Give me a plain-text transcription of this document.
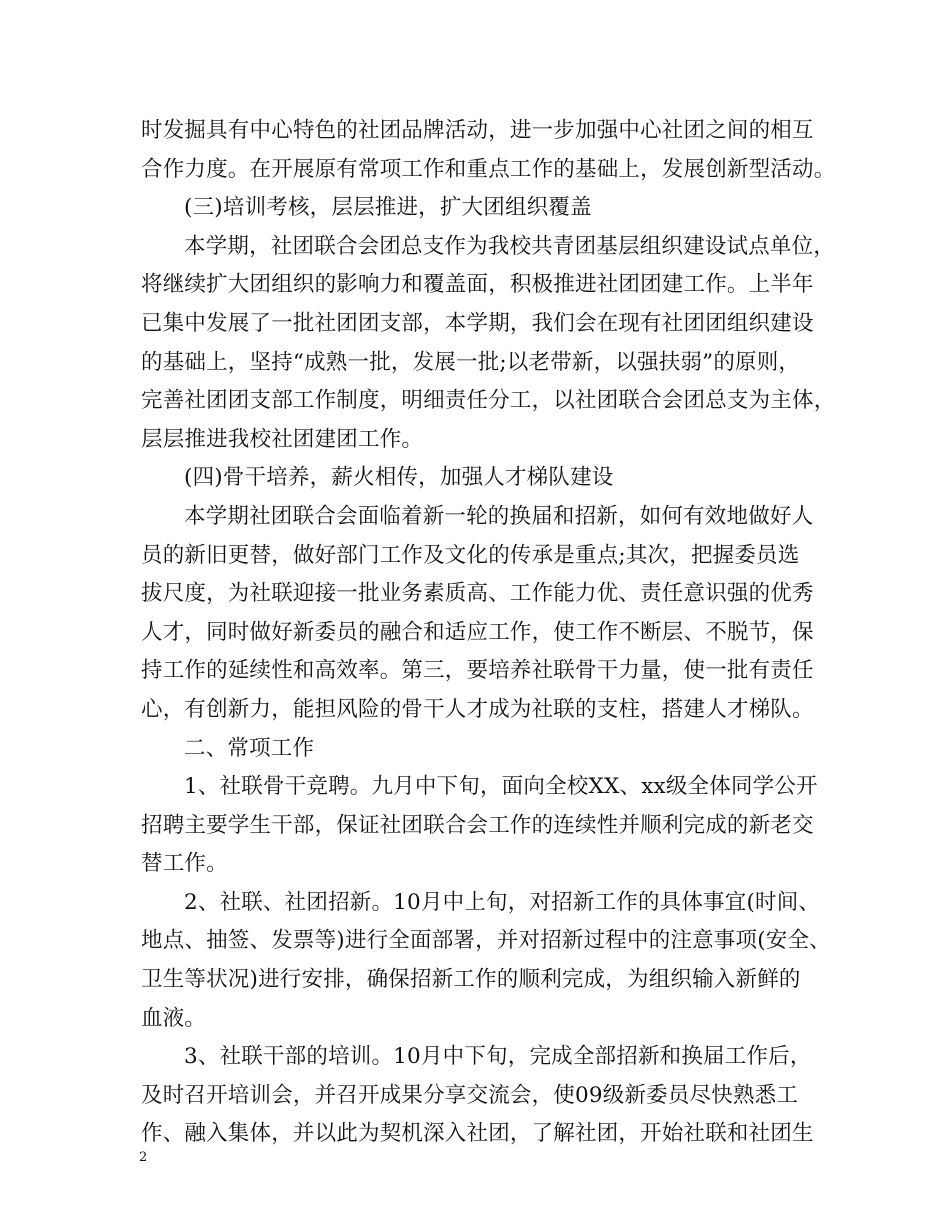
时发掘具有中心特色的社团品牌活动，进一步加强中心社团之间的相互
合作力度。在开展原有常项工作和重点工作的基础上，发展创新型活动。
(三)培训考核，层层推进，扩大团组织覆盖
本学期，社团联合会团总支作为我校共青团基层组织建设试点单位，
将继续扩大团组织的影响力和覆盖面，积极推进社团团建工作。上半年
已集中发展了一批社团团支部，本学期，我们会在现有社团团组织建设
的基础上，坚持“成熟一批，发展一批;以老带新，以强扶弱”的原则，
完善社团团支部工作制度，明细责任分工，以社团联合会团总支为主体，
层层推进我校社团建团工作。
(四)骨干培养，薪火相传，加强人才梯队建设
本学期社团联合会面临着新一轮的换届和招新，如何有效地做好人
员的新旧更替，做好部门工作及文化的传承是重点;其次，把握委员选
拔尺度，为社联迎接一批业务素质高、工作能力优、责任意识强的优秀
人才，同时做好新委员的融合和适应工作，使工作不断层、不脱节，保
持工作的延续性和高效率。第三，要培养社联骨干力量，使一批有责任
心，有创新力，能担风险的骨干人才成为社联的支柱，搭建人才梯队。
二、常项工作
1、社联骨干竞聘。九月中下旬，面向全校XX、xx级全体同学公开
招聘主要学生干部，保证社团联合会工作的连续性并顺利完成的新老交
替工作。
2、社联、社团招新。10月中上旬，对招新工作的具体事宜(时间、
地点、抽签、发票等)进行全面部署，并对招新过程中的注意事项(安全、
卫生等状况)进行安排，确保招新工作的顺利完成，为组织输入新鲜的
血液。
3、社联干部的培训。10月中下旬，完成全部招新和换届工作后，
及时召开培训会，并召开成果分享交流会，使09级新委员尽快熟悉工
作、融入集体，并以此为契机深入社团，了解社团，开始社联和社团生
2
